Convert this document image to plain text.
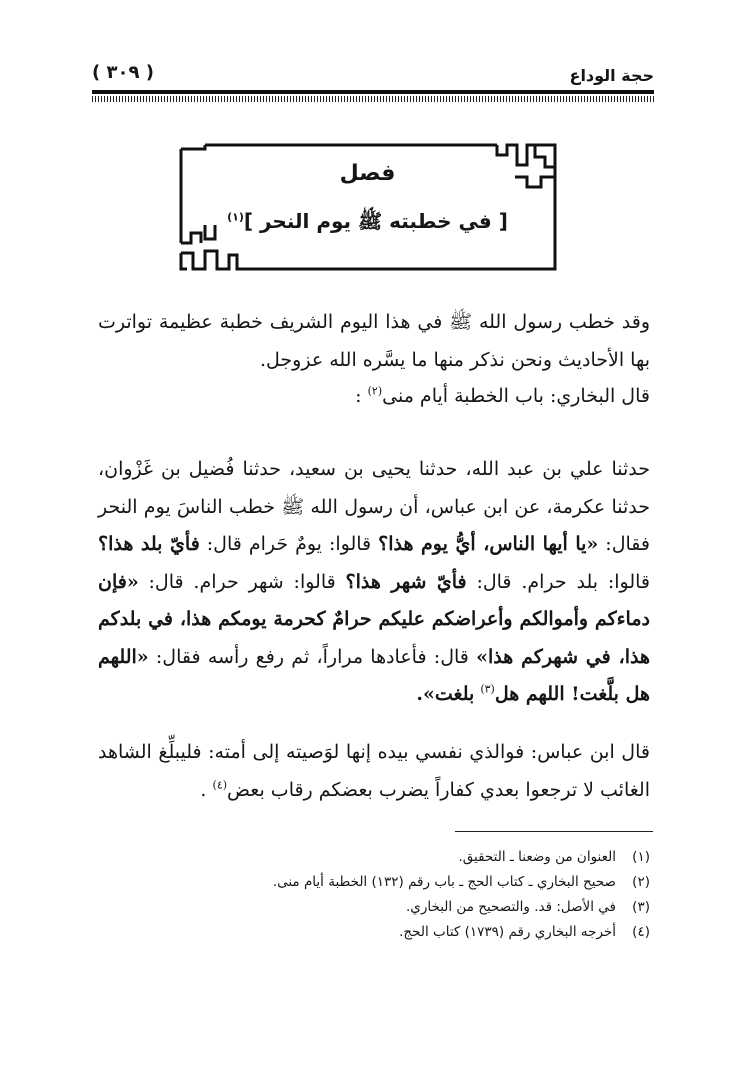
( ٣٠٩ )	حجة الوداع
فصل
[ في خطبته ﷺ يوم النحر ]$^{(١)}$
وقد خطب رسول الله ﷺ في هذا اليوم الشريف خطبة عظيمة تواترت بها الأحاديث ونحن نذكر منها ما يسَّره الله عزوجل.
قال البخاري: باب الخطبة أيام منى$^{(٢)}$ :
حدثنا علي بن عبد الله، حدثنا يحيى بن سعيد، حدثنا فُضيل بن غَزْوان، حدثنا عكرمة، عن ابن عباس، أن رسول الله ﷺ خطب الناسَ يوم النحر فقال: «يا أيها الناس، أيُّ يوم هذا؟ قالوا: يومٌ حَرام قال: فأيّ بلد هذا؟ قالوا: بلد حرام. قال: فأيّ شهر هذا؟ قالوا: شهر حرام. قال: «فإن دماءكم وأموالكم وأعراضكم عليكم حرامٌ كحرمة يومكم هذا، في بلدكم هذا، في شهركم هذا» قال: فأعادها مراراً، ثم رفع رأسه فقال: «اللهم هل بلَّغت! اللهم هل$^{(٣)}$ بلغت».
قال ابن عباس: فوالذي نفسي بيده إنها لوَصيته إلى أمته: فليبلِّغ الشاهد الغائب لا ترجعوا بعدي كفاراً يضرب بعضكم رقاب بعض$^{(٤)}$ .
(١)العنوان من وضعنا ـ التحقيق.
(٢)صحيح البخاري ـ كتاب الحج ـ باب رقم (١٣٢) الخطبة أيام منى.
(٣)في الأصل: قد. والتصحيح من البخاري.
(٤)أخرجه البخاري رقم (١٧٣٩) كتاب الحج.
